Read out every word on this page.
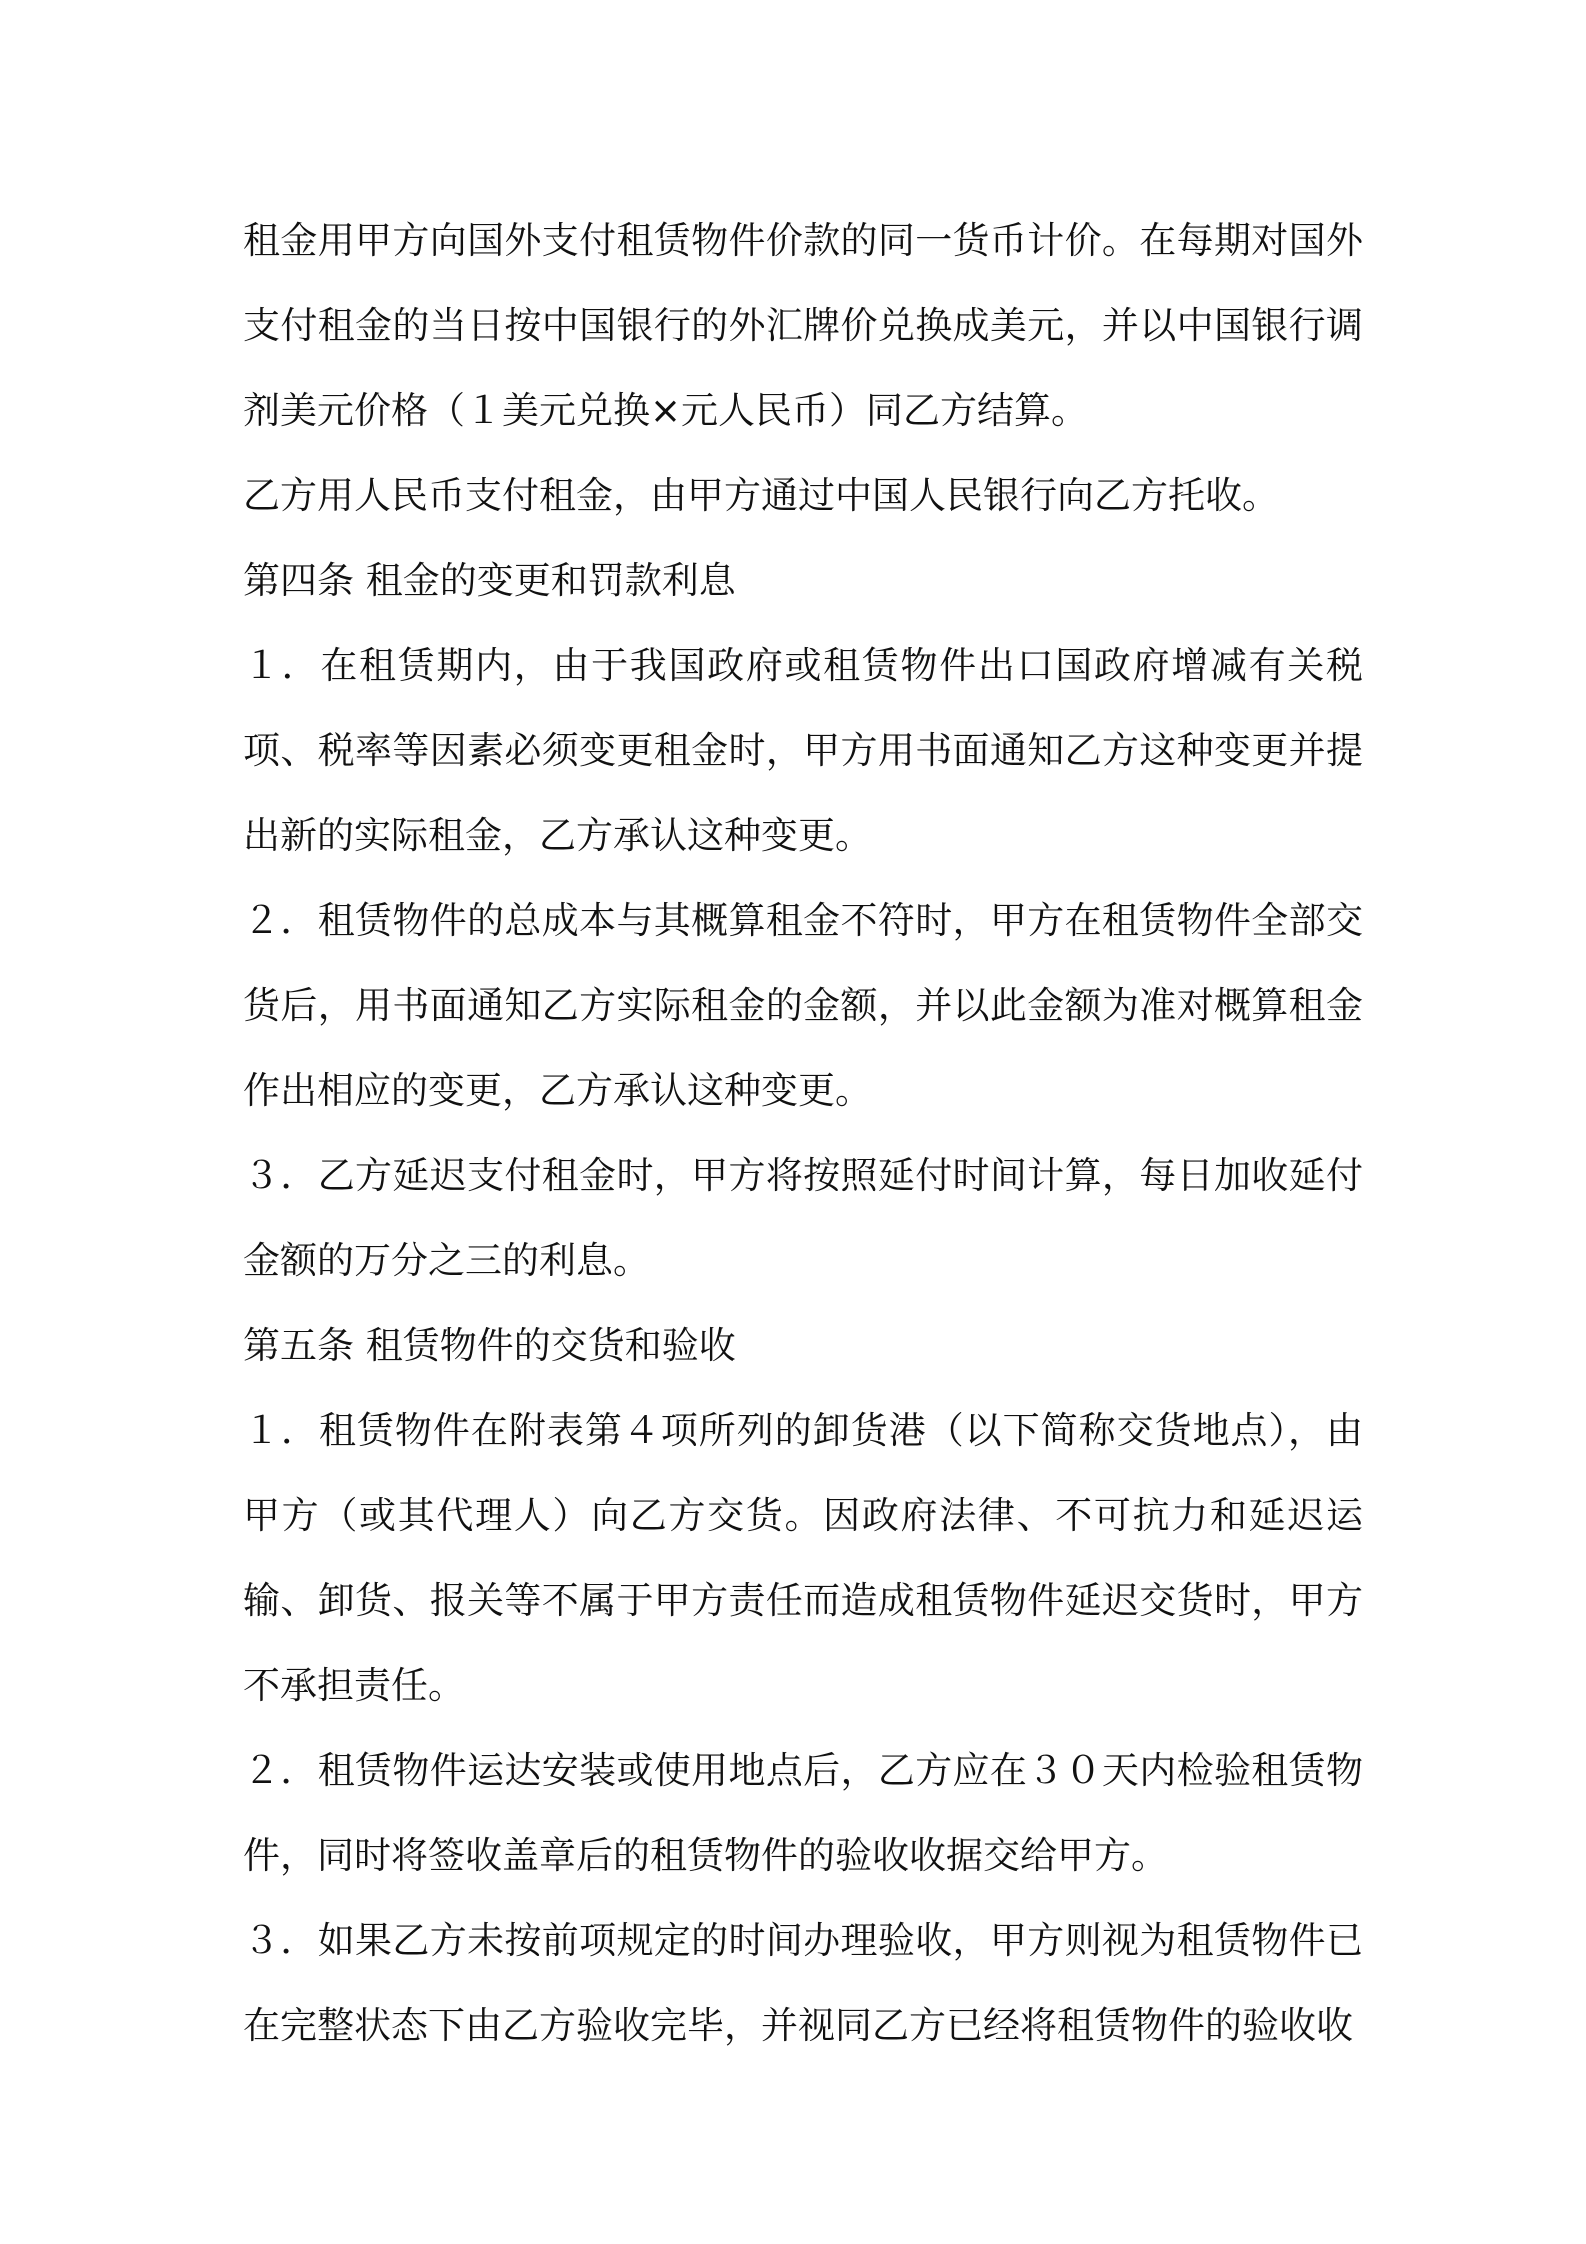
租金用甲方向国外支付租赁物件价款的同一货币计价。在每期对国外支付租金的当日按中国银行的外汇牌价兑换成美元，并以中国银行调剂美元价格（１美元兑换×元人民币）同乙方结算。

乙方用人民币支付租金，由甲方通过中国人民银行向乙方托收。

第四条 租金的变更和罚款利息

１．在租赁期内，由于我国政府或租赁物件出口国政府增减有关税项、税率等因素必须变更租金时，甲方用书面通知乙方这种变更并提出新的实际租金，乙方承认这种变更。

２．租赁物件的总成本与其概算租金不符时，甲方在租赁物件全部交货后，用书面通知乙方实际租金的金额，并以此金额为准对概算租金作出相应的变更，乙方承认这种变更。

３．乙方延迟支付租金时，甲方将按照延付时间计算，每日加收延付金额的万分之三的利息。

第五条 租赁物件的交货和验收

１．租赁物件在附表第４项所列的卸货港（以下简称交货地点），由甲方（或其代理人）向乙方交货。因政府法律、不可抗力和延迟运输、卸货、报关等不属于甲方责任而造成租赁物件延迟交货时，甲方不承担责任。

２．租赁物件运达安装或使用地点后，乙方应在３０天内检验租赁物件，同时将签收盖章后的租赁物件的验收收据交给甲方。

３．如果乙方未按前项规定的时间办理验收，甲方则视为租赁物件已在完整状态下由乙方验收完毕，并视同乙方已经将租赁物件的验收收
